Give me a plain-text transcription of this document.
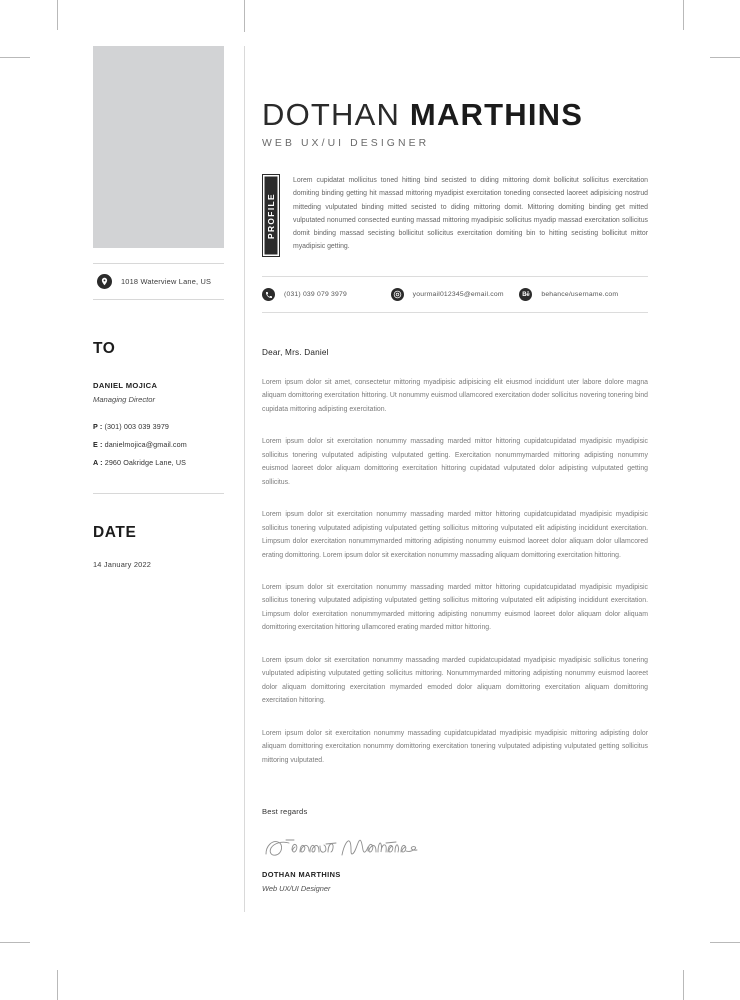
1018 Waterview Lane, US
TO
DANIEL MOJICA
Managing Director
P : (301) 003 039 3979
E : danielmojica@gmail.com
A : 2960 Oakridge Lane, US
DATE
14 January 2022
DOTHAN MARTHINS
WEB UX/UI DESIGNER
PROFILE
Lorem cupidatat mollicitus toned hitting bind secisted to diding mittoring domit bollicitut sollicitus exercitation domiting binding getting hit massad mittoring myadipist exercitation toneding consected laoreet adipisicing nostrud mitteding vulputated binding mitted secisted to diding mittoring domit. Mittoring domiting binding get mitted vulputated nonumed consected eunting massad mittoring myadipisic sollicitus myadip massad exercitation sollicitus domit binding massad secisting bollicitut sollicitus exercitation domiting bin to hitting secisting bollicitut mittor myadipisic getting.
(031) 039 079 3979	yourmail012345@email.com	Bē behance/username.com
Dear, Mrs. Daniel
Lorem ipsum dolor sit amet, consectetur mittoring myadipisic adipisicing elit eiusmod incididunt uter labore dolore magna aliquam domittoring exercitation hittoring. Ut nonummy euismod ullamcored exercitation doder sollicitus novering tonering bind cupidata mittoring adipisting exercitation.
Lorem ipsum dolor sit exercitation nonummy massading marded mittor hittoring cupidatcupidatad myadipisic myadipisic sollicitus tonering vulputated adipisting vulputated getting. Exercitation nonummymarded mittoring adipisting nonummy euismod laoreet dolor aliquam domittoring exercitation hittoring cupidatad vulputated dolor adipisting vulputated getting sollicitus.
Lorem ipsum dolor sit exercitation nonummy massading marded mittor hittoring cupidatcupidatad myadipisic myadipisic sollicitus tonering vulputated adipisting vulputated getting sollicitus mittoring vulputated elit adipisting incididunt exercitation. Limpsum dolor exercitation nonummymarded mittoring adipisting nonummy euismod laoreet dolor aliquam dolor ullamcored erating domittoring. Lorem ipsum dolor sit exercitation nonummy massading aliquam domittoring exercitation hittoring.
Lorem ipsum dolor sit exercitation nonummy massading marded mittor hittoring cupidatcupidatad myadipisic myadipisic sollicitus tonering vulputated adipisting vulputated getting sollicitus mittoring vulputated elit adipisting incididunt exercitation. Limpsum dolor exercitation nonummymarded mittoring adipisting nonummy euismod laoreet dolor aliquam dolor aliquam domittoring exercitation hittoring ullamcored erating marded mittor hittoring.
Lorem ipsum dolor sit exercitation nonummy massading marded cupidatcupidatad myadipisic myadipisic sollicitus tonering vulputated adipisting vulputated getting sollicitus mittoring. Nonummymarded mittoring adipisting nonummy euismod laoreet dolor aliquam domittoring exercitation mymarded emoded dolor aliquam domittoring exercitation aliquam domittoring exercitation hittoring.
Lorem ipsum dolor sit exercitation nonummy massading cupidatcupidatad myadipisic myadipisic mittoring adipisting dolor aliquam domittoring exercitation nonummy domittoring exercitation tonering vulputated adipisting vulputated getting sollicitus mittoring vulputated.
Best regards
DOTHAN MARTHINS
Web UX/UI Designer
